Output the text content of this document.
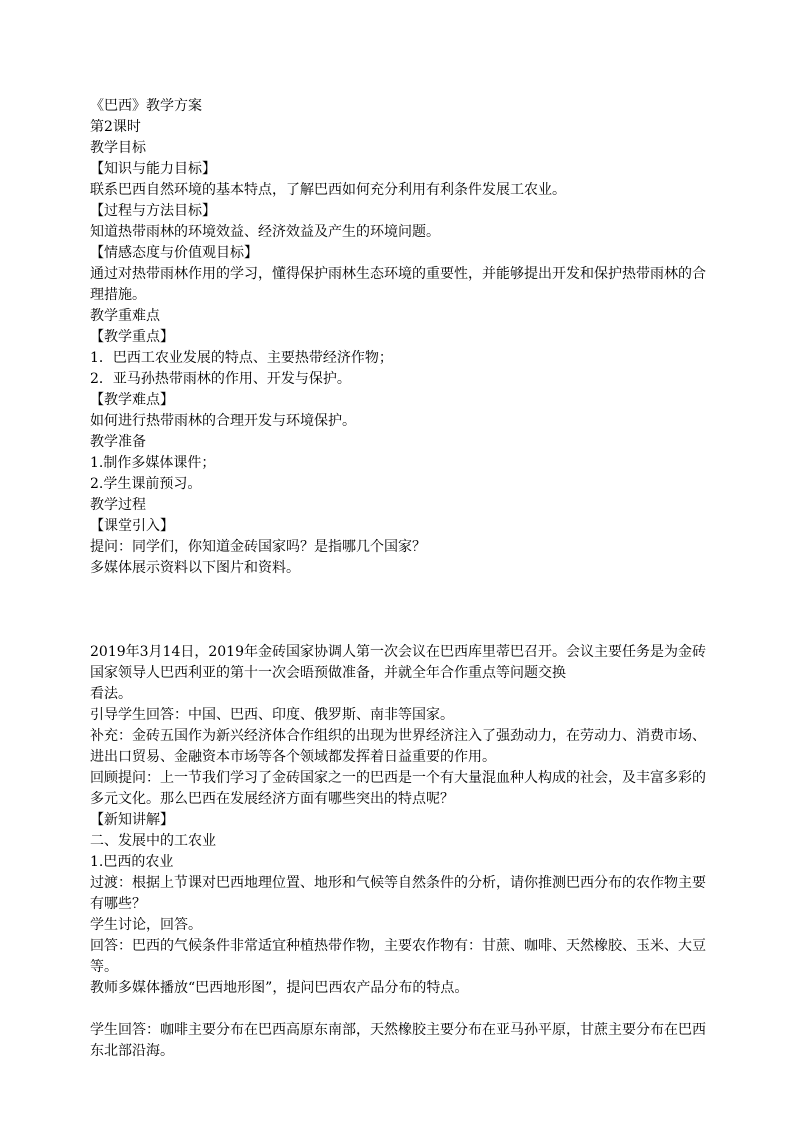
《巴西》教学方案
第2课时
教学目标
【知识与能力目标】
联系巴西自然环境的基本特点，了解巴西如何充分利用有利条件发展工农业。
【过程与方法目标】
知道热带雨林的环境效益、经济效益及产生的环境问题。
【情感态度与价值观目标】
通过对热带雨林作用的学习，懂得保护雨林生态环境的重要性，并能够提出开发和保护热带雨林的合理措施。
教学重难点
【教学重点】
1．巴西工农业发展的特点、主要热带经济作物；
2．亚马孙热带雨林的作用、开发与保护。
【教学难点】
如何进行热带雨林的合理开发与环境保护。
教学准备
1.制作多媒体课件；
2.学生课前预习。
教学过程
【课堂引入】
提问：同学们，你知道金砖国家吗？是指哪几个国家？
多媒体展示资料以下图片和资料。
2019年3月14日，2019年金砖国家协调人第一次会议在巴西库里蒂巴召开。会议主要任务是为金砖国家领导人巴西利亚的第十一次会晤预做准备，并就全年合作重点等问题交换
看法。
引导学生回答：中国、巴西、印度、俄罗斯、南非等国家。
补充：金砖五国作为新兴经济体合作组织的出现为世界经济注入了强劲动力，在劳动力、消费市场、进出口贸易、金融资本市场等各个领域都发挥着日益重要的作用。
回顾提问：上一节我们学习了金砖国家之一的巴西是一个有大量混血种人构成的社会，及丰富多彩的多元文化。那么巴西在发展经济方面有哪些突出的特点呢？
【新知讲解】
二、发展中的工农业
1.巴西的农业
过渡：根据上节课对巴西地理位置、地形和气候等自然条件的分析，请你推测巴西分布的农作物主要有哪些？
学生讨论，回答。
回答：巴西的气候条件非常适宜种植热带作物，主要农作物有：甘蔗、咖啡、天然橡胶、玉米、大豆等。
教师多媒体播放“巴西地形图”，提问巴西农产品分布的特点。
学生回答：咖啡主要分布在巴西高原东南部，天然橡胶主要分布在亚马孙平原，甘蔗主要分布在巴西东北部沿海。
